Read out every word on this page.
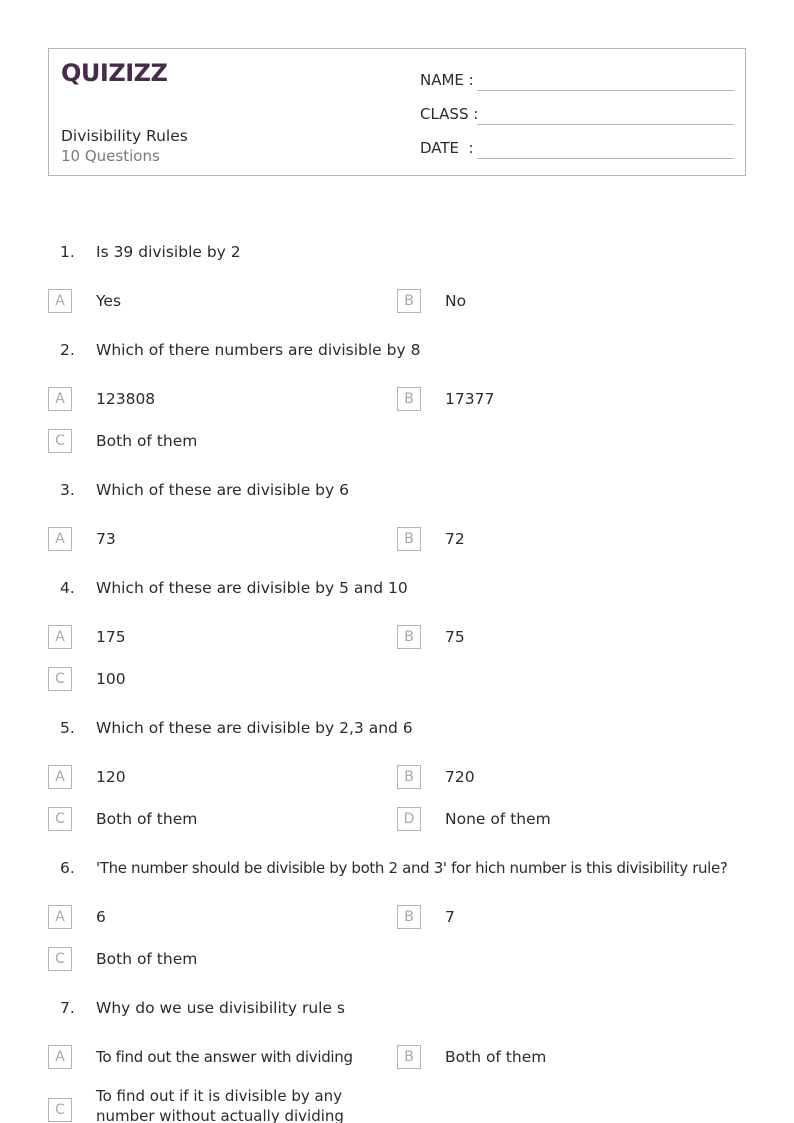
QUIZIZZ
Divisibility Rules
10 Questions
NAME :
CLASS :
DATE  :
1.	Is 39 divisible by 2
A	Yes	B	No
2.	Which of there numbers are divisible by 8
A	123808	B	17377
C	Both of them
3.	Which of these are divisible by 6
A	73	B	72
4.	Which of these are divisible by 5 and 10
A	175	B	75
C	100
5.	Which of these are divisible by 2,3 and 6
A	120	B	720
C	Both of them	D	None of them
6.	'The number should be divisible by both 2 and 3' for hich number is this divisibility rule?
A	6	B	7
C	Both of them
7.	Why do we use divisibility rule s
A	To find out the answer with dividing	B	Both of them
C
To find out if it is divisible by any number without actually dividing
